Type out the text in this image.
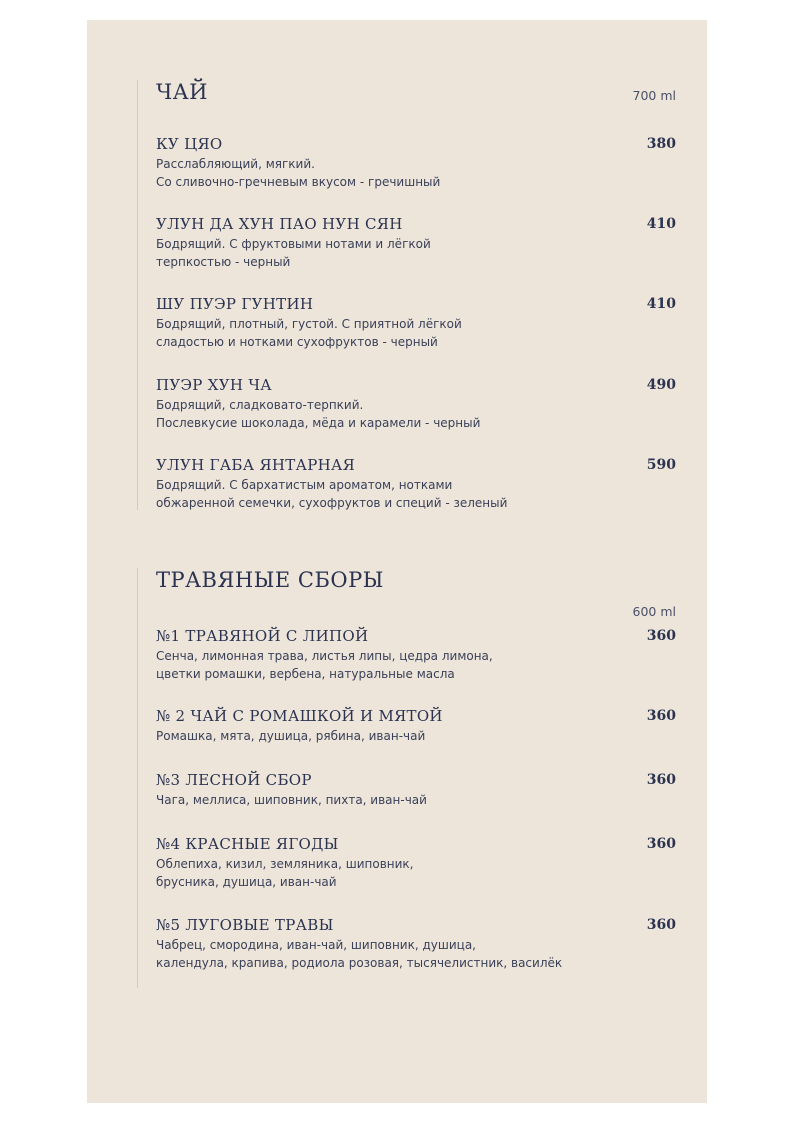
ЧАЙ	700 ml
КУ ЦЯО	380
Расслабляющий, мягкий.
Со сливочно-гречневым вкусом - гречишный
УЛУН ДА ХУН ПАО НУН СЯН	410
Бодрящий. С фруктовыми нотами и лёгкой
терпкостью - черный
ШУ ПУЭР ГУНТИН	410
Бодрящий, плотный, густой. С приятной лёгкой
сладостью и нотками сухофруктов - черный
ПУЭР ХУН ЧА	490
Бодрящий, сладковато-терпкий.
Послевкусие шоколада, мёда и карамели - черный
УЛУН ГАБА ЯНТАРНАЯ	590
Бодрящий. С бархатистым ароматом, нотками
обжаренной семечки, сухофруктов и специй - зеленый
ТРАВЯНЫЕ СБОРЫ
600 ml
№1 ТРАВЯНОЙ С ЛИПОЙ	360
Сенча, лимонная трава, листья липы, цедра лимона,
цветки ромашки, вербена, натуральные масла
№ 2 ЧАЙ С РОМАШКОЙ И МЯТОЙ	360
Ромашка, мята, душица, рябина, иван-чай
№3 ЛЕСНОЙ СБОР	360
Чага, меллиса, шиповник, пихта, иван-чай
№4 КРАСНЫЕ ЯГОДЫ	360
Облепиха, кизил, земляника, шиповник,
брусника, душица, иван-чай
№5 ЛУГОВЫЕ ТРАВЫ	360
Чабрец, смородина, иван-чай, шиповник, душица,
календула, крапива, родиола розовая, тысячелистник, василёк
